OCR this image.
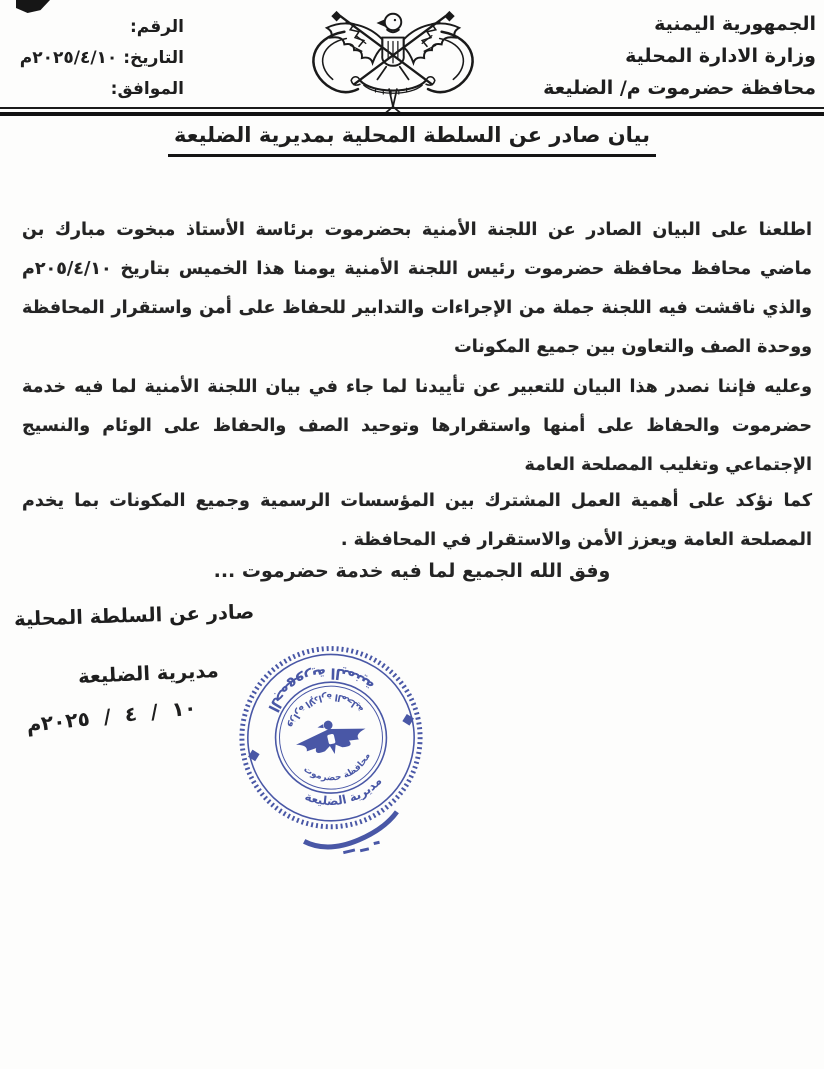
الرقم:
التاريخ: ٢٠٢٥/٤/١٠م
الموافق:
الجمهورية اليمنية
وزارة الادارة المحلية
محافظة حضرموت م/ الضليعة
بيان صادر عن السلطة المحلية بمديرية الضليعة

اطلعنا على البيان الصادر عن اللجنة الأمنية بحضرموت برئاسة الأستاذ مبخوت مبارك بن ماضي محافظ محافظة حضرموت رئيس اللجنة الأمنية يومنا هذا الخميس بتاريخ ٢٠٥/٤/١٠م والذي ناقشت فيه اللجنة جملة من الإجراءات والتدابير للحفاظ على أمن واستقرار المحافظة ووحدة الصف والتعاون بين جميع المكونات

وعليه فإننا نصدر هذا البيان للتعبير عن تأييدنا لما جاء في بيان اللجنة الأمنية لما فيه خدمة حضرموت والحفاظ على أمنها واستقرارها وتوحيد الصف والحفاظ على الوئام والنسيج الإجتماعي وتغليب المصلحة العامة

كما نؤكد على أهمية العمل المشترك بين المؤسسات الرسمية وجميع المكونات بما يخدم المصلحة العامة ويعزز الأمن والاستقرار في المحافظة .

وفق الله الجميع لما فيه خدمة حضرموت ...
صادر عن السلطة المحلية
مديرية الضليعة
١٠ / ٤ / ٢٠٢٥م
الجمهورية اليمنية	وزارة الإدارة المحلية
محافظة حضرموت
مديرية الضليعة
